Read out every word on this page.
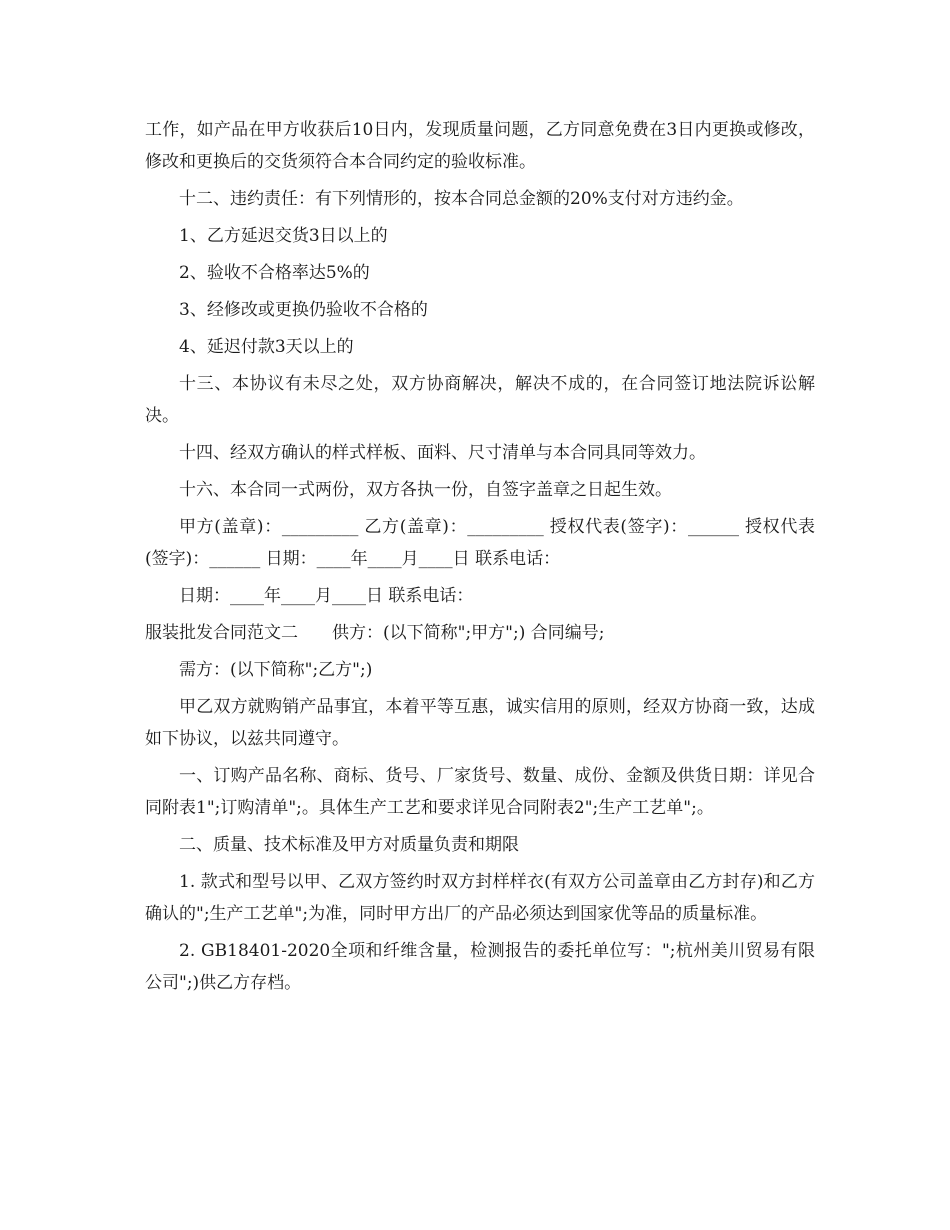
工作，如产品在甲方收获后10日内，发现质量问题，乙方同意免费在3日内更换或修改，修改和更换后的交货须符合本合同约定的验收标准。

十二、违约责任：有下列情形的，按本合同总金额的20%支付对方违约金。

1、乙方延迟交货3日以上的

2、验收不合格率达5%的

3、经修改或更换仍验收不合格的

4、延迟付款3天以上的

十三、本协议有未尽之处，双方协商解决，解决不成的，在合同签订地法院诉讼解决。

十四、经双方确认的样式样板、面料、尺寸清单与本合同具同等效力。

十六、本合同一式两份，双方各执一份，自签字盖章之日起生效。

甲方(盖章)：_________ 乙方(盖章)：_________ 授权代表(签字)：______ 授权代表(签字)：______ 日期：____年____月____日 联系电话：

日期：____年____月____日 联系电话：

服装批发合同范文二　　供方：(以下简称";甲方";) 合同编号;

需方：(以下简称";乙方";)

甲乙双方就购销产品事宜，本着平等互惠，诚实信用的原则，经双方协商一致，达成如下协议，以兹共同遵守。

一、订购产品名称、商标、货号、厂家货号、数量、成份、金额及供货日期：详见合同附表1";订购清单";。具体生产工艺和要求详见合同附表2";生产工艺单";。

二、质量、技术标准及甲方对质量负责和期限

1. 款式和型号以甲、乙双方签约时双方封样样衣(有双方公司盖章由乙方封存)和乙方确认的";生产工艺单";为准，同时甲方出厂的产品必须达到国家优等品的质量标准。

2. GB18401-2020全项和纤维含量，检测报告的委托单位写：";杭州美川贸易有限公司";)供乙方存档。
